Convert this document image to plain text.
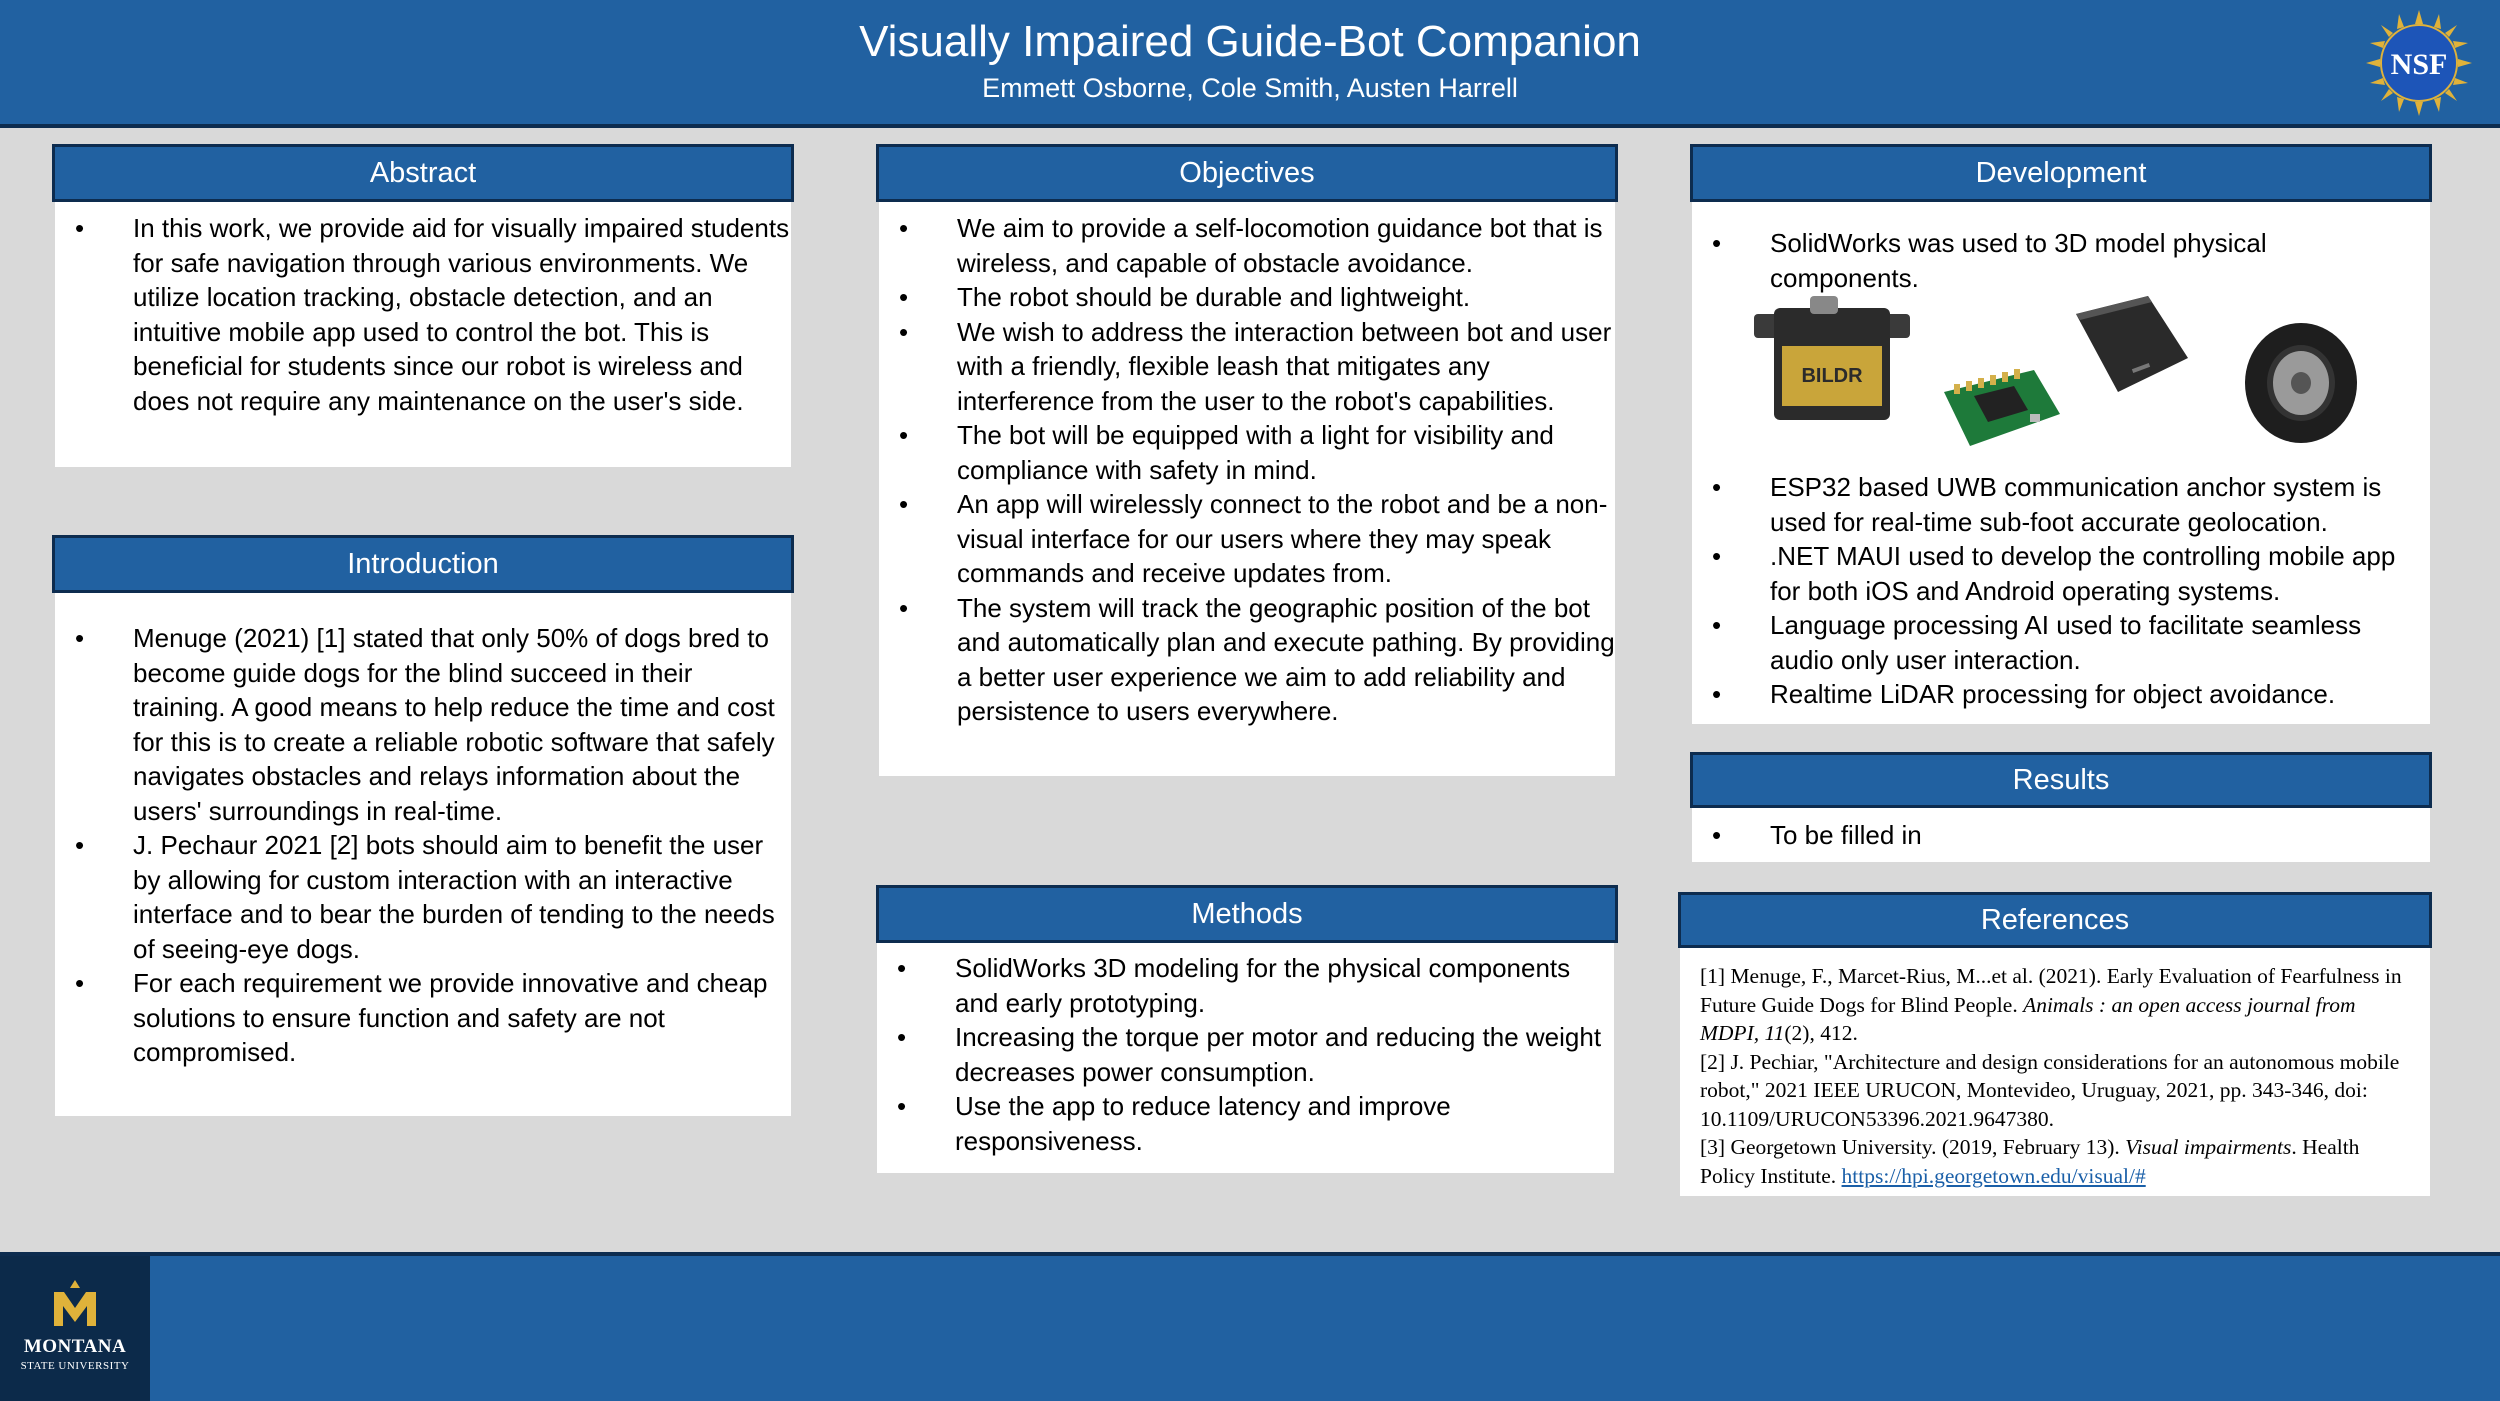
Visually Impaired Guide-Bot Companion
Emmett Osborne, Cole Smith, Austen Harrell
NSF
Abstract
• In this work, we provide aid for visually impaired students for safe navigation through various environments. We utilize location tracking, obstacle detection, and an intuitive mobile app used to control the bot. This is beneficial for students since our robot is wireless and does not require any maintenance on the user's side.
Introduction
• Menuge (2021) [1] stated that only 50% of dogs bred to become guide dogs for the blind succeed in their training. A good means to help reduce the time and cost for this is to create a reliable robotic software that safely navigates obstacles and relays information about the users' surroundings in real-time.
• J. Pechaur 2021 [2] bots should aim to benefit the user by allowing for custom interaction with an interactive interface and to bear the burden of tending to the needs of seeing-eye dogs.
• For each requirement we provide innovative and cheap solutions to ensure function and safety are not compromised.
Objectives
• We aim to provide a self-locomotion guidance bot that is wireless, and capable of obstacle avoidance.
• The robot should be durable and lightweight.
• We wish to address the interaction between bot and user with a friendly, flexible leash that mitigates any interference from the user to the robot's capabilities.
• The bot will be equipped with a light for visibility and compliance with safety in mind.
• An app will wirelessly connect to the robot and be a non-visual interface for our users where they may speak commands and receive updates from.
• The system will track the geographic position of the bot and automatically plan and execute pathing. By providing a better user experience we aim to add reliability and persistence to users everywhere.
Methods
• SolidWorks 3D modeling for the physical components and early prototyping.
• Increasing the torque per motor and reducing the weight decreases power consumption.
• Use the app to reduce latency and improve responsiveness.
Development
• SolidWorks was used to 3D model physical components.
BILDR
• ESP32 based UWB communication anchor system is used for real-time sub-foot accurate geolocation.
• .NET MAUI used to develop the controlling mobile app for both iOS and Android operating systems.
• Language processing AI used to facilitate seamless audio only user interaction.
• Realtime LiDAR processing for object avoidance.
Results
• To be filled in
References

[1] Menuge, F., Marcet-Rius, M...et al. (2021). Early Evaluation of Fearfulness in Future Guide Dogs for Blind People. Animals : an open access journal from MDPI, 11(2), 412.

[2] J. Pechiar, "Architecture and design considerations for an autonomous mobile robot," 2021 IEEE URUCON, Montevideo, Uruguay, 2021, pp. 343-346, doi: 10.1109/URUCON53396.2021.9647380.

[3] Georgetown University. (2019, February 13). Visual impairments. Health Policy Institute. https://hpi.georgetown.edu/visual/#

MONTANA
STATE UNIVERSITY
